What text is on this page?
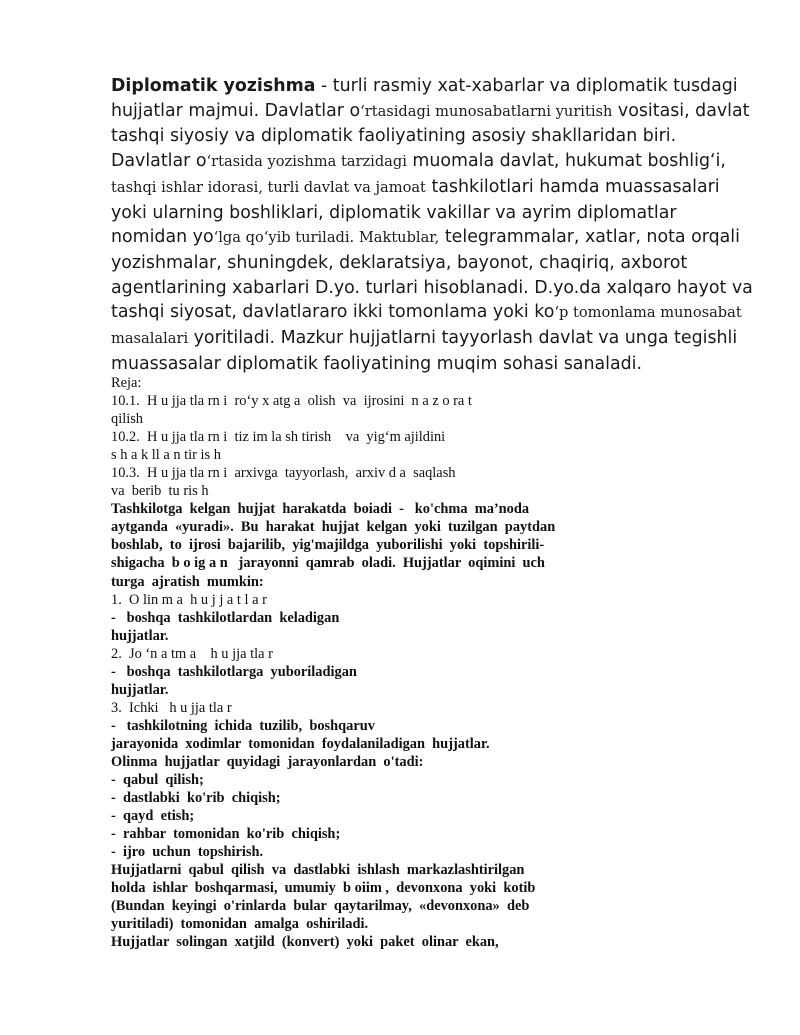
Diplomatik yozishma - turli rasmiy xat-xabarlar va diplomatik tusdagi
hujjatlar majmui. Davlatlar o‘rtasidagi munosabatlarni yuritish vositasi, davlat
tashqi siyosiy va diplomatik faoliyatining asosiy shakllaridan biri.
Davlatlar o‘rtasida yozishma tarzidagi muomala davlat, hukumat boshlig‘i,
tashqi ishlar idorasi, turli davlat va jamoat tashkilotlari hamda muassasalari
yoki ularning boshliklari, diplomatik vakillar va ayrim diplomatlar
nomidan yo‘lga qo‘yib turiladi. Maktublar, telegrammalar, xatlar, nota orqali
yozishmalar, shuningdek, deklaratsiya, bayonot, chaqiriq, axborot
agentlarining xabarlari D.yo. turlari hisoblanadi. D.yo.da xalqaro hayot va
tashqi siyosat, davlatlararo ikki tomonlama yoki ko‘p tomonlama munosabat
masalalari yoritiladi. Mazkur hujjatlarni tayyorlash davlat va unga tegishli
muassasalar diplomatik faoliyatining muqim sohasi sanaladi.
Reja:
10.1.  H u jja tla rn i  ro‘y x atg a  olish  va  ijrosini  n a z o ra t
qilish
10.2.  H u jja tla rn i  tiz im la sh tirish    va  yig‘m ajildini
s h a k ll a n tir is h
10.3.  H u jja tla rn i  arxivga  tayyorlash,  arxiv d a  saqlash
va  berib  tu ris h
Tashkilotga  kelgan  hujjat  harakatda  boiadi  -   ko'chma  ma’noda
aytganda  «yuradi».  Bu  harakat  hujjat  kelgan  yoki  tuzilgan  paytdan
boshlab,  to  ijrosi  bajarilib,  yig'majildga  yuborilishi  yoki  topshirili-
shigacha  b o ig a n   jarayonni  qamrab  oladi.  Hujjatlar  oqimini  uch
turga  ajratish  mumkin:
1.  O lin m a  h u j j a t l a r
-   boshqa  tashkilotlardan  keladigan
hujjatlar.
2.  Jo ‘n a tm a    h u jja tla r
-   boshqa  tashkilotlarga  yuboriladigan
hujjatlar.
3.  Ichki   h u jja tla r
-   tashkilotning  ichida  tuzilib,  boshqaruv
jarayonida  xodimlar  tomonidan  foydalaniladigan  hujjatlar.
Olinma  hujjatlar  quyidagi  jarayonlardan  o'tadi:
-  qabul  qilish;
-  dastlabki  ko'rib  chiqish;
-  qayd  etish;
-  rahbar  tomonidan  ko'rib  chiqish;
-  ijro  uchun  topshirish.
Hujjatlarni  qabul  qilish  va  dastlabki  ishlash  markazlashtirilgan
holda  ishlar  boshqarmasi,  umumiy  b oiim ,  devonxona  yoki  kotib
(Bundan  keyingi  o'rinlarda  bular  qaytarilmay,  «devonxona»  deb
yuritiladi)  tomonidan  amalga  oshiriladi.
Hujjatlar  solingan  xatjild  (konvert)  yoki  paket  olinar  ekan,
